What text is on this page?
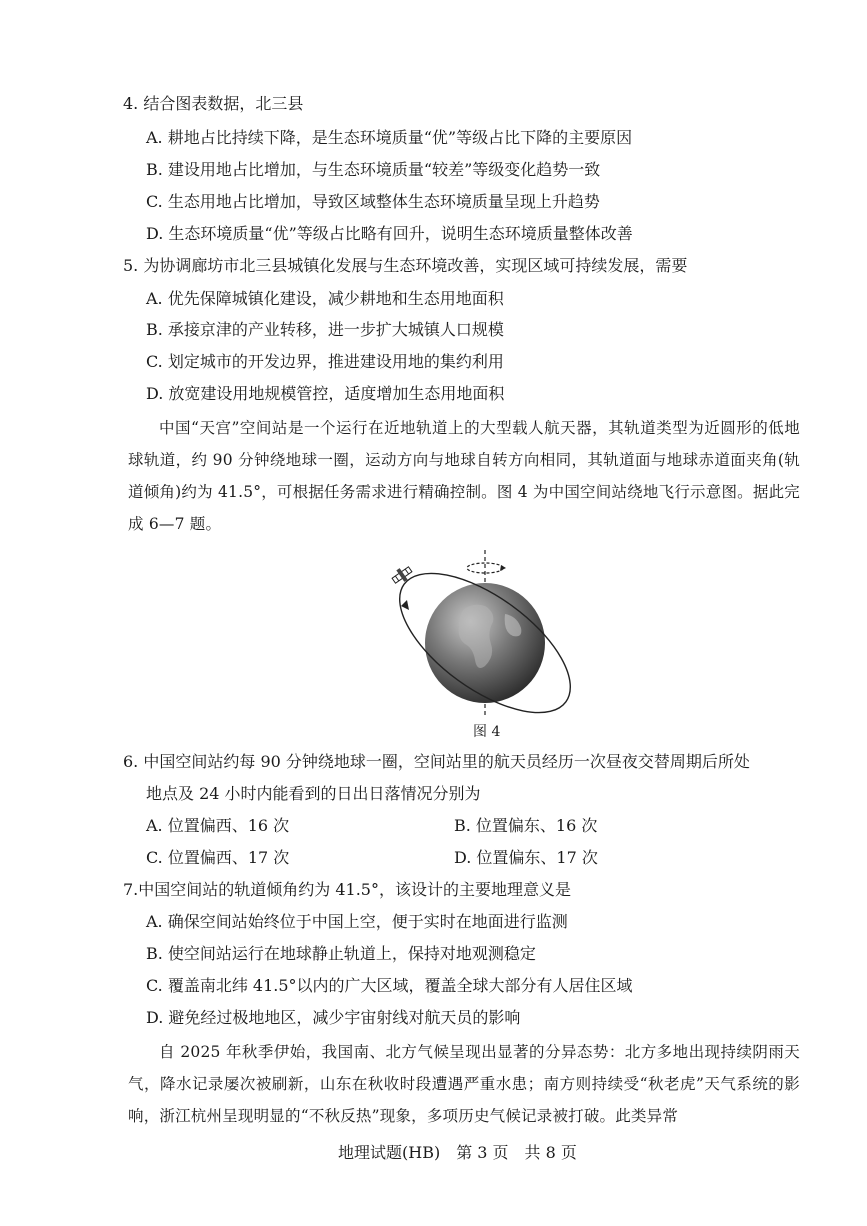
4. 结合图表数据，北三县
A. 耕地占比持续下降，是生态环境质量“优”等级占比下降的主要原因
B. 建设用地占比增加，与生态环境质量“较差”等级变化趋势一致
C. 生态用地占比增加，导致区域整体生态环境质量呈现上升趋势
D. 生态环境质量“优”等级占比略有回升，说明生态环境质量整体改善
5. 为协调廊坊市北三县城镇化发展与生态环境改善，实现区域可持续发展，需要
A. 优先保障城镇化建设，减少耕地和生态用地面积
B. 承接京津的产业转移，进一步扩大城镇人口规模
C. 划定城市的开发边界，推进建设用地的集约利用
D. 放宽建设用地规模管控，适度增加生态用地面积
中国“天宫”空间站是一个运行在近地轨道上的大型载人航天器，其轨道类型为近圆形的低地球轨道，约 90 分钟绕地球一圈，运动方向与地球自转方向相同，其轨道面与地球赤道面夹角(轨道倾角)约为 41.5°，可根据任务需求进行精确控制。图 4 为中国空间站绕地飞行示意图。据此完成 6—7 题。
图 4
6. 中国空间站约每 90 分钟绕地球一圈，空间站里的航天员经历一次昼夜交替周期后所处
地点及 24 小时内能看到的日出日落情况分别为
A. 位置偏西、16 次	B. 位置偏东、16 次
C. 位置偏西、17 次	D. 位置偏东、17 次
7.中国空间站的轨道倾角约为 41.5°，该设计的主要地理意义是
A. 确保空间站始终位于中国上空，便于实时在地面进行监测
B. 使空间站运行在地球静止轨道上，保持对地观测稳定
C. 覆盖南北纬 41.5°以内的广大区域，覆盖全球大部分有人居住区域
D. 避免经过极地地区，减少宇宙射线对航天员的影响
自 2025 年秋季伊始，我国南、北方气候呈现出显著的分异态势：北方多地出现持续阴雨天气，降水记录屡次被刷新，山东在秋收时段遭遇严重水患；南方则持续受“秋老虎”天气系统的影响，浙江杭州呈现明显的“不秋反热”现象，多项历史气候记录被打破。此类异常
地理试题(HB)　第 3 页　共 8 页
